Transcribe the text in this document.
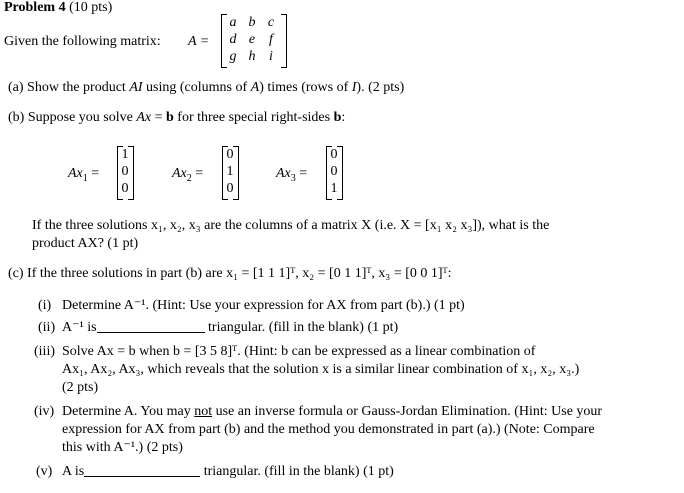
Problem 4 (10 pts)
Given the following matrix: A =
a b c
d e f
g h i
(a) Show the product AI using (columns of A) times (rows of I). (2 pts)
(b) Suppose you solve Ax = b for three special right-sides b:
$Ax_1$ =
1
0
0
$Ax_2$ =
0
1
0
$Ax_3$ =
0
0
1
If the three solutions x₁, x₂, x₃ are the columns of a matrix X (i.e. X = [x₁ x₂ x₃]), what is the
product AX? (1 pt)
(c) If the three solutions in part (b) are x₁ = [1 1 1]ᵀ, x₂ = [0 1 1]ᵀ, x₃ = [0 0 1]ᵀ:
(i) Determine A⁻¹. (Hint: Use your expression for AX from part (b).) (1 pt)
(ii) A⁻¹ is	triangular. (fill in the blank) (1 pt)
(iii) Solve Ax = b when b = [3 5 8]ᵀ. (Hint: b can be expressed as a linear combination of
Ax₁, Ax₂, Ax₃, which reveals that the solution x is a similar linear combination of x₁, x₂, x₃.)
(2 pts)
(iv) Determine A. You may not use an inverse formula or Gauss-Jordan Elimination. (Hint: Use your
expression for AX from part (b) and the method you demonstrated in part (a).) (Note: Compare
this with A⁻¹.) (2 pts)
(v) A is	triangular. (fill in the blank) (1 pt)
